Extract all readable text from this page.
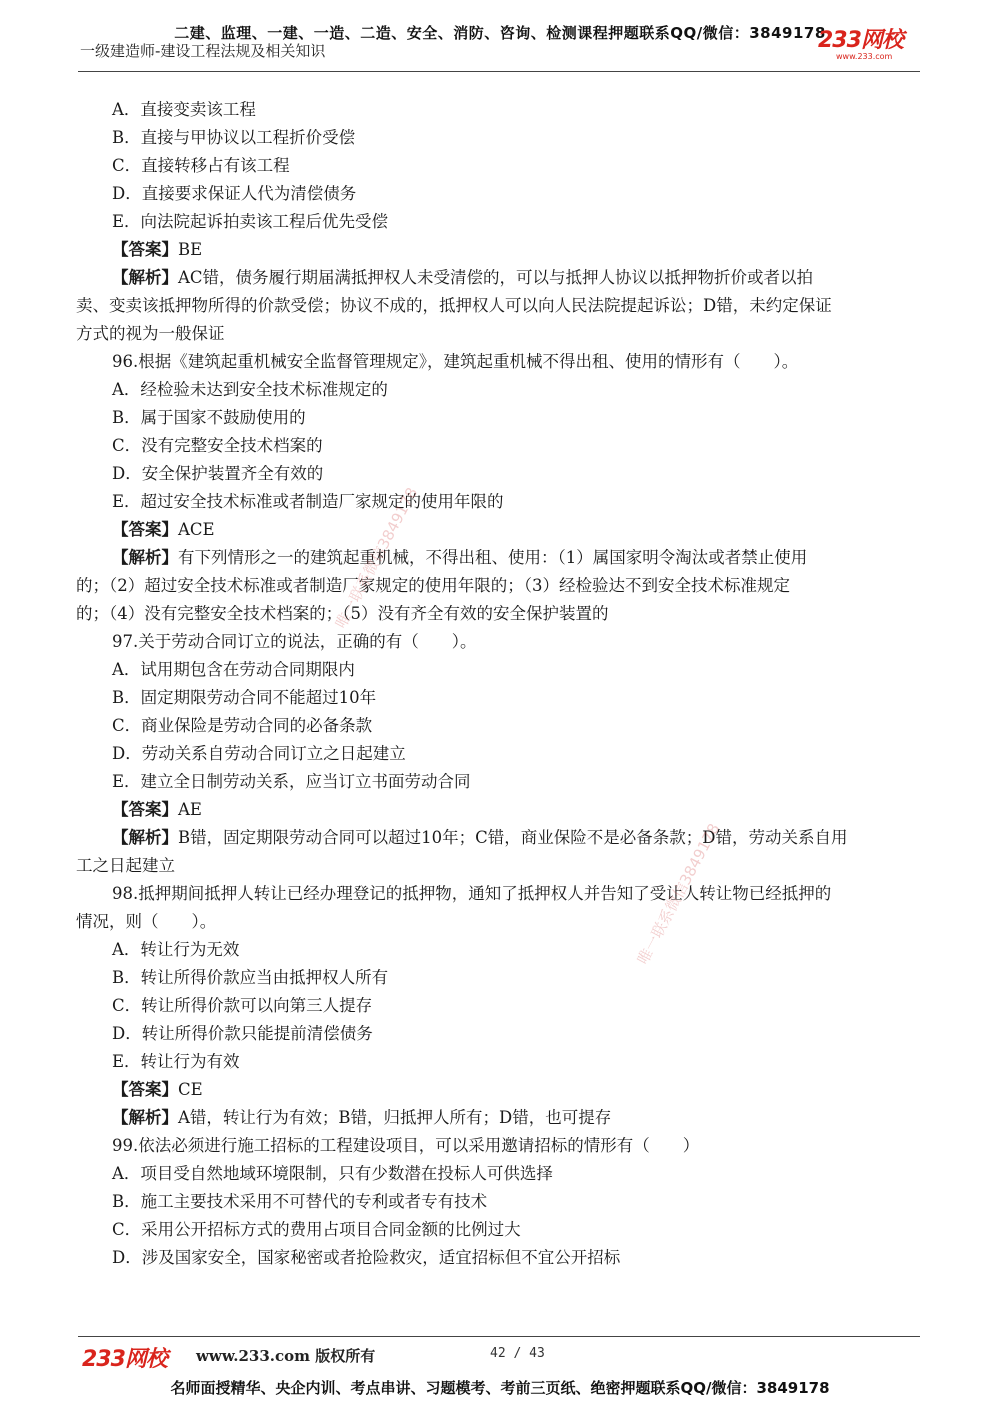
二建、监理、一建、一造、二造、安全、消防、咨询、检测课程押题联系QQ/微信：3849178
一级建造师-建设工程法规及相关知识	233网校
www.233.com
A．直接变卖该工程
B．直接与甲协议以工程折价受偿
C．直接转移占有该工程
D．直接要求保证人代为清偿债务
E．向法院起诉拍卖该工程后优先受偿
【答案】BE
【解析】AC错，债务履行期届满抵押权人未受清偿的，可以与抵押人协议以抵押物折价或者以拍
卖、变卖该抵押物所得的价款受偿；协议不成的，抵押权人可以向人民法院提起诉讼；D错，未约定保证
方式的视为一般保证
96.根据《建筑起重机械安全监督管理规定》，建筑起重机械不得出租、使用的情形有（　　）。
A．经检验未达到安全技术标准规定的
B．属于国家不鼓励使用的
C．没有完整安全技术档案的
D．安全保护装置齐全有效的
E．超过安全技术标准或者制造厂家规定的使用年限的
【答案】ACE
【解析】有下列情形之一的建筑起重机械，不得出租、使用：（1）属国家明令淘汰或者禁止使用
的；（2）超过安全技术标准或者制造厂家规定的使用年限的；（3）经检验达不到安全技术标准规定
的；（4）没有完整安全技术档案的；（5）没有齐全有效的安全保护装置的
97.关于劳动合同订立的说法，正确的有（　　）。
A．试用期包含在劳动合同期限内
B．固定期限劳动合同不能超过10年
C．商业保险是劳动合同的必备条款
D．劳动关系自劳动合同订立之日起建立
E．建立全日制劳动关系，应当订立书面劳动合同
【答案】AE
【解析】B错，固定期限劳动合同可以超过10年；C错，商业保险不是必备条款；D错，劳动关系自用
工之日起建立
98.抵押期间抵押人转让已经办理登记的抵押物，通知了抵押权人并告知了受让人转让物已经抵押的
情况，则（　　）。
A．转让行为无效
B．转让所得价款应当由抵押权人所有
C．转让所得价款可以向第三人提存
D．转让所得价款只能提前清偿债务
E．转让行为有效
【答案】CE
【解析】A错，转让行为有效；B错，归抵押人所有；D错，也可提存
99.依法必须进行施工招标的工程建设项目，可以采用邀请招标的情形有（　　）
A．项目受自然地域环境限制，只有少数潜在投标人可供选择
B．施工主要技术采用不可替代的专利或者专有技术
C．采用公开招标方式的费用占项目合同金额的比例过大
D．涉及国家安全，国家秘密或者抢险救灾，适宜招标但不宜公开招标
唯一联系微信3849178
唯一联系微信3849178
233网校 www.233.com 版权所有	42 / 43
名师面授精华、央企内训、考点串讲、习题模考、考前三页纸、绝密押题联系QQ/微信：3849178
